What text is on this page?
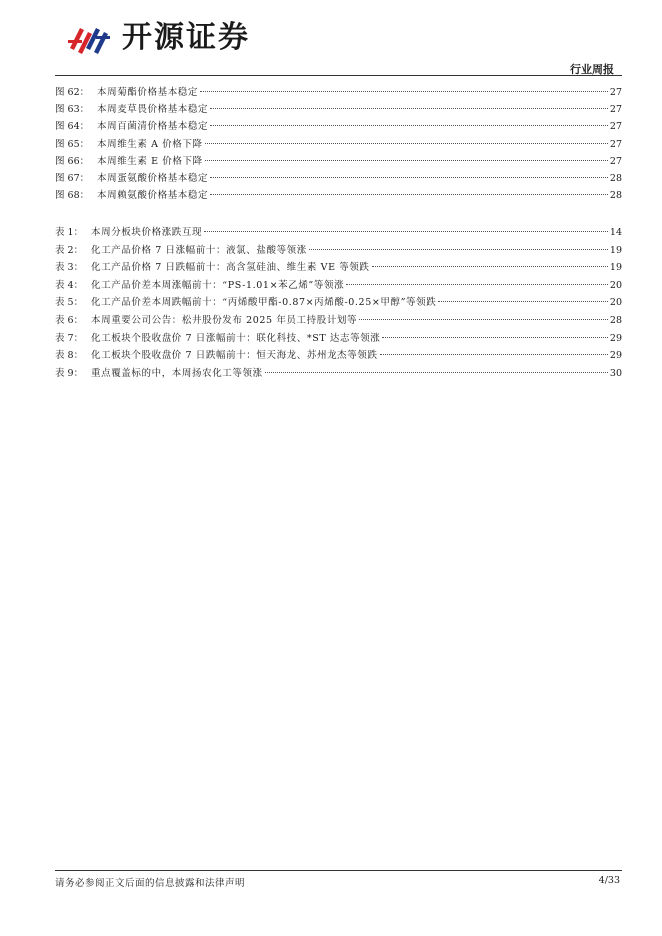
开源证券
行业周报
图 62： 本周菊酯价格基本稳定	27
图 63： 本周麦草畏价格基本稳定	27
图 64： 本周百菌清价格基本稳定	27
图 65： 本周维生素 A 价格下降	27
图 66： 本周维生素 E 价格下降	27
图 67： 本周蛋氨酸价格基本稳定	28
图 68： 本周赖氨酸价格基本稳定	28
表 1： 本周分板块价格涨跌互现	14
表 2： 化工产品价格 7 日涨幅前十：液氯、盐酸等领涨	19
表 3： 化工产品价格 7 日跌幅前十：高含氢硅油、维生素 VE 等领跌	19
表 4： 化工产品价差本周涨幅前十：“PS-1.01×苯乙烯”等领涨	20
表 5： 化工产品价差本周跌幅前十：“丙烯酸甲酯-0.87×丙烯酸-0.25×甲醇”等领跌	20
表 6： 本周重要公司公告：松井股份发布 2025 年员工持股计划等	28
表 7： 化工板块个股收盘价 7 日涨幅前十：联化科技、*ST 达志等领涨	29
表 8： 化工板块个股收盘价 7 日跌幅前十：恒天海龙、苏州龙杰等领跌	29
表 9： 重点覆盖标的中，本周扬农化工等领涨	30
请务必参阅正文后面的信息披露和法律声明	4/33
